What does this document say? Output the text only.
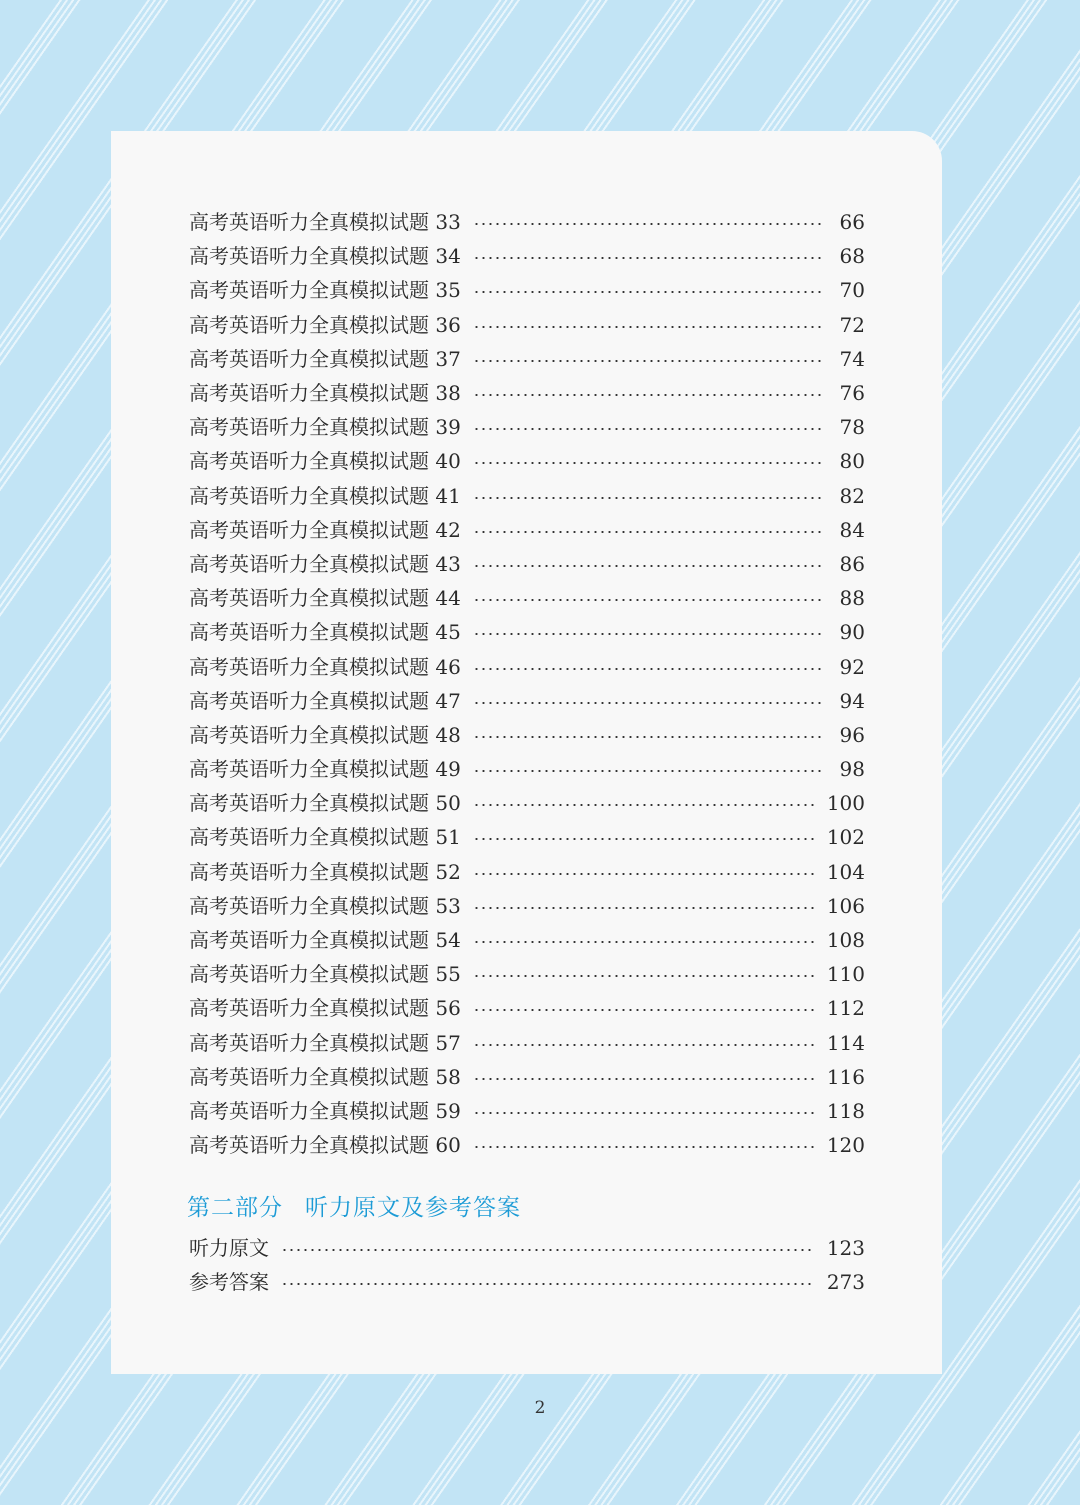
高考英语听力全真模拟试题 33	66
高考英语听力全真模拟试题 34	68
高考英语听力全真模拟试题 35	70
高考英语听力全真模拟试题 36	72
高考英语听力全真模拟试题 37	74
高考英语听力全真模拟试题 38	76
高考英语听力全真模拟试题 39	78
高考英语听力全真模拟试题 40	80
高考英语听力全真模拟试题 41	82
高考英语听力全真模拟试题 42	84
高考英语听力全真模拟试题 43	86
高考英语听力全真模拟试题 44	88
高考英语听力全真模拟试题 45	90
高考英语听力全真模拟试题 46	92
高考英语听力全真模拟试题 47	94
高考英语听力全真模拟试题 48	96
高考英语听力全真模拟试题 49	98
高考英语听力全真模拟试题 50	100
高考英语听力全真模拟试题 51	102
高考英语听力全真模拟试题 52	104
高考英语听力全真模拟试题 53	106
高考英语听力全真模拟试题 54	108
高考英语听力全真模拟试题 55	110
高考英语听力全真模拟试题 56	112
高考英语听力全真模拟试题 57	114
高考英语听力全真模拟试题 58	116
高考英语听力全真模拟试题 59	118
高考英语听力全真模拟试题 60	120
第二部分 听力原文及参考答案
听力原文	123
参考答案	273
2
